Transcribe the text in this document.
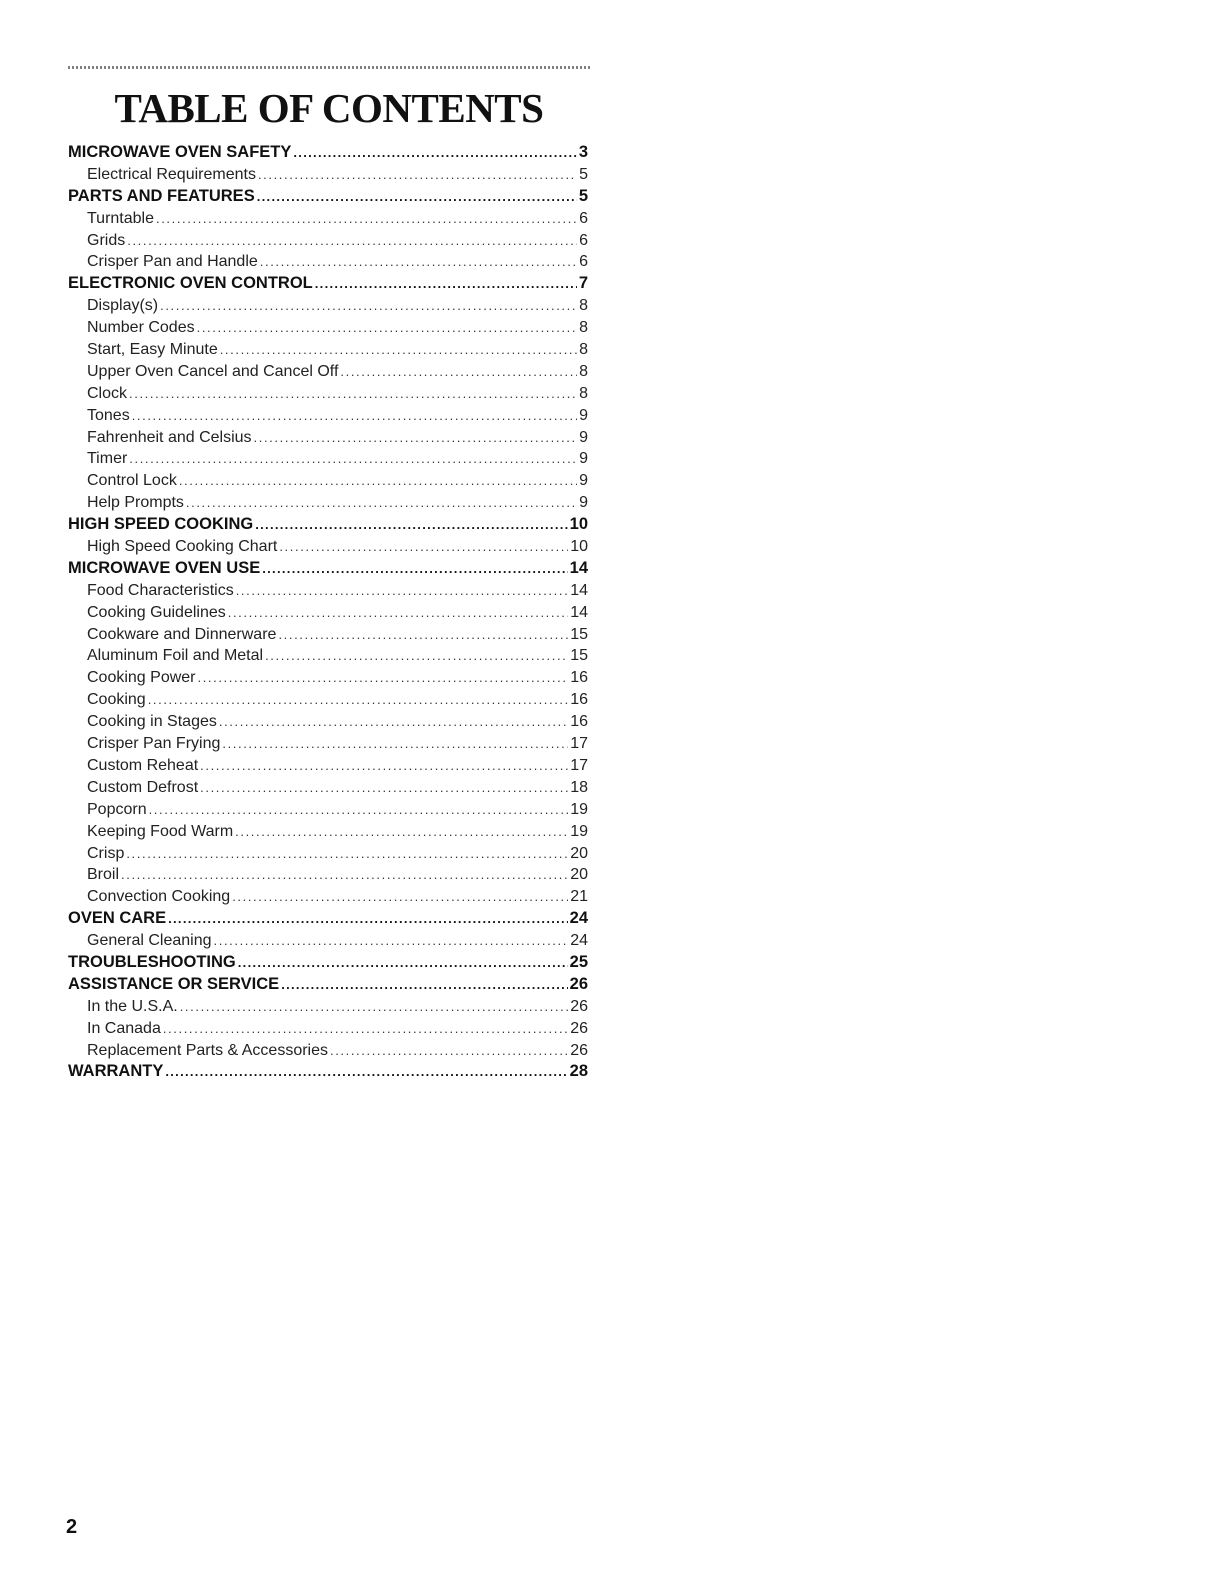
TABLE OF CONTENTS
MICROWAVE OVEN SAFETY .....	3
Electrical Requirements .....	5
PARTS AND FEATURES .....	5
Turntable .....	6
Grids .....	6
Crisper Pan and Handle .....	6
ELECTRONIC OVEN CONTROL .....	7
Display(s) .....	8
Number Codes .....	8
Start, Easy Minute .....	8
Upper Oven Cancel and Cancel Off .....	8
Clock .....	8
Tones .....	9
Fahrenheit and Celsius .....	9
Timer .....	9
Control Lock .....	9
Help Prompts .....	9
HIGH SPEED COOKING .....	10
High Speed Cooking Chart .....	10
MICROWAVE OVEN USE .....	14
Food Characteristics .....	14
Cooking Guidelines .....	14
Cookware and Dinnerware .....	15
Aluminum Foil and Metal .....	15
Cooking Power .....	16
Cooking .....	16
Cooking in Stages .....	16
Crisper Pan Frying .....	17
Custom Reheat .....	17
Custom Defrost .....	18
Popcorn .....	19
Keeping Food Warm .....	19
Crisp .....	20
Broil .....	20
Convection Cooking .....	21
OVEN CARE .....	24
General Cleaning .....	24
TROUBLESHOOTING .....	25
ASSISTANCE OR SERVICE .....	26
In the U.S.A. .....	26
In Canada .....	26
Replacement Parts & Accessories .....	26
WARRANTY .....	28

2
